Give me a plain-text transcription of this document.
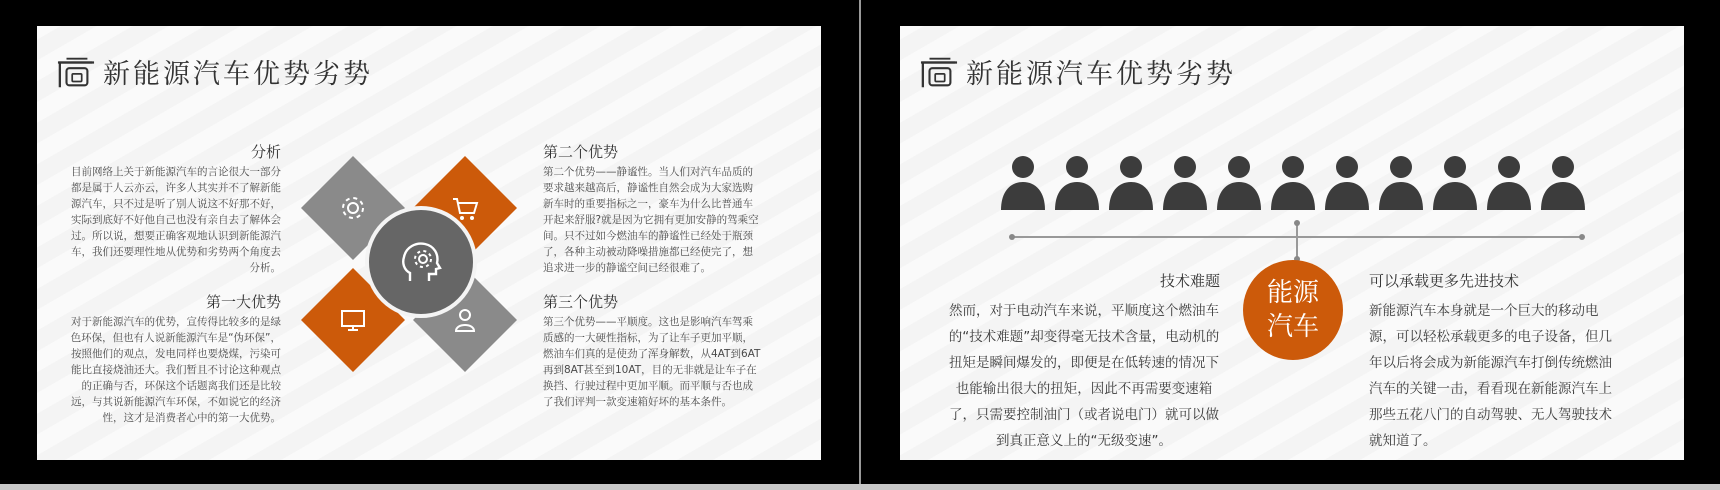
新能源汽车优势劣势
分析
目前网络上关于新能源汽车的言论很大一部分都是属于人云亦云，许多人其实并不了解新能源汽车，只不过是听了别人说这不好那不好，实际到底好不好他自己也没有亲自去了解体会过。所以说，想要正确客观地认识到新能源汽车，我们还要理性地从优势和劣势两个角度去分析。
第一大优势
对于新能源汽车的优势，宣传得比较多的是绿色环保，但也有人说新能源汽车是“伪环保”，按照他们的观点，发电同样也要烧煤，污染可能比直接烧油还大。我们暂且不讨论这种观点的正确与否，环保这个话题离我们还是比较远，与其说新能源汽车环保，不如说它的经济性，这才是消费者心中的第一大优势。
第二个优势
第二个优势——静谧性。当人们对汽车品质的要求越来越高后，静谧性自然会成为大家选购新车时的重要指标之一，豪车为什么比普通车开起来舒服?就是因为它拥有更加安静的驾乘空间。只不过如今燃油车的静谧性已经处于瓶颈了，各种主动被动降噪措施都已经使完了，想追求进一步的静谧空间已经很难了。
第三个优势
第三个优势——平顺度。这也是影响汽车驾乘质感的一大硬性指标，为了让车子更加平顺，燃油车们真的是使劲了浑身解数，从4AT到6AT再到8AT甚至到10AT，目的无非就是让车子在换挡、行驶过程中更加平顺。而平顺与否也成了我们评判一款变速箱好坏的基本条件。
新能源汽车优势劣势
能源汽车
技术难题
然而，对于电动汽车来说，平顺度这个燃油车的“技术难题”却变得毫无技术含量，电动机的扭矩是瞬间爆发的，即便是在低转速的情况下也能输出很大的扭矩，因此不再需要变速箱了，只需要控制油门（或者说电门）就可以做到真正意义上的“无级变速”。
可以承载更多先进技术
新能源汽车本身就是一个巨大的移动电源，可以轻松承载更多的电子设备，但几年以后将会成为新能源汽车打倒传统燃油汽车的关键一击，看看现在新能源汽车上那些五花八门的自动驾驶、无人驾驶技术就知道了。
